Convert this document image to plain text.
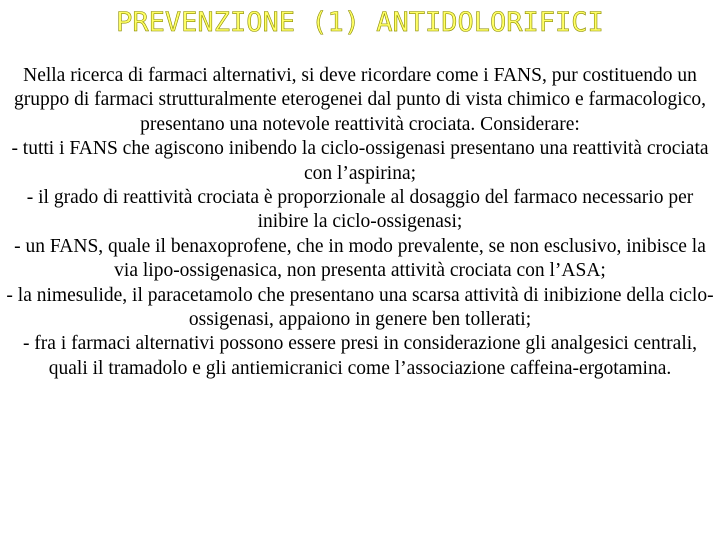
PREVENZIONE (1) ANTIDOLORIFICI

Nella ricerca di farmaci alternativi, si deve ricordare come i FANS, pur costituendo un gruppo di farmaci strutturalmente eterogenei dal punto di vista chimico e farmacologico, presentano una notevole reattività crociata. Considerare:

- tutti i FANS che agiscono inibendo la ciclo-ossigenasi presentano una reattività crociata con l’aspirina;

- il grado di reattività crociata è proporzionale al dosaggio del farmaco necessario per inibire la ciclo-ossigenasi;

- un FANS, quale il benaxoprofene, che in modo prevalente, se non esclusivo, inibisce la via lipo-ossigenasica, non presenta attività crociata con l’ASA;

- la nimesulide, il paracetamolo che presentano una scarsa attività di inibizione della ciclo-ossigenasi, appaiono in genere ben tollerati;

- fra i farmaci alternativi possono essere presi in considerazione gli analgesici centrali, quali il tramadolo e gli antiemicranici come l’associazione caffeina-ergotamina.
